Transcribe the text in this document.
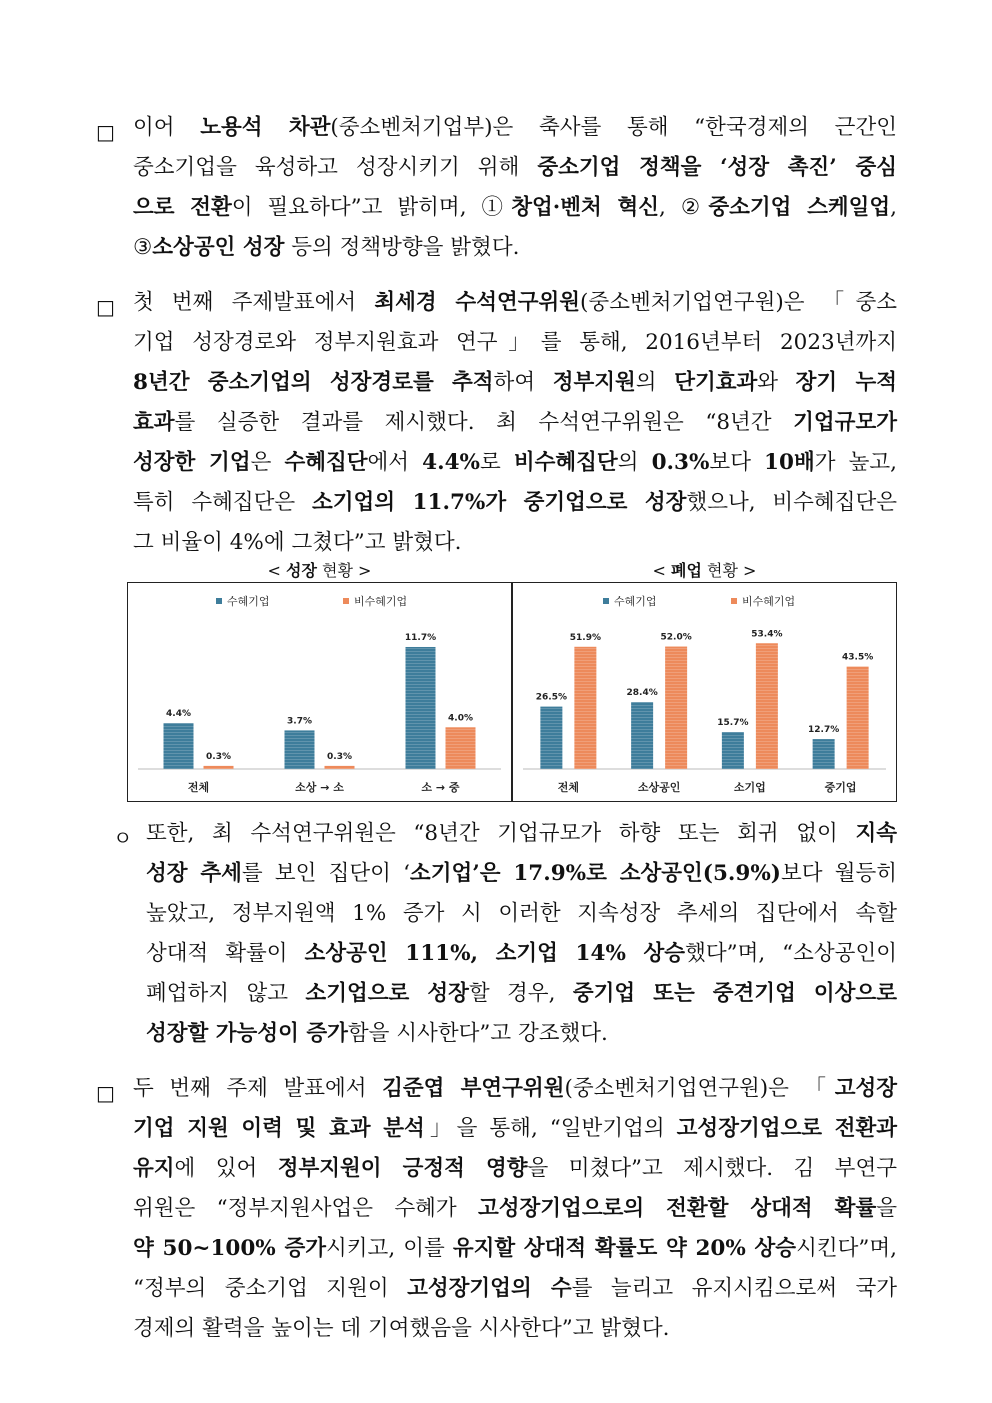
□ 이어 노용석 차관(중소벤처기업부)은 축사를 통해 “한국경제의 근간인
중소기업을 육성하고 성장시키기 위해 중소기업 정책을 ‘성장 촉진’ 중심
으로 전환이 필요하다”고 밝히며, ①창업·벤처 혁신, ②중소기업 스케일업,
③소상공인 성장 등의 정책방향을 밝혔다.
□ 첫 번째 주제발표에서 최세경 수석연구위원(중소벤처기업연구원)은 「중소
기업 성장경로와 정부지원효과 연구」를 통해, 2016년부터 2023년까지
8년간 중소기업의 성장경로를 추적하여 정부지원의 단기효과와 장기 누적
효과를 실증한 결과를 제시했다. 최 수석연구위원은 “8년간 기업규모가
성장한 기업은 수혜집단에서 4.4%로 비수혜집단의 0.3%보다 10배가 높고,
특히 수혜집단은 소기업의 11.7%가 중기업으로 성장했으나, 비수혜집단은
그 비율이 4%에 그쳤다”고 밝혔다.
< 성장 현황 >	< 폐업 현황 >
수혜기업	비수혜기업
4.4%
0.3%
전체
3.7%
0.3%
소상 → 소
11.7%
4.0%
소 → 중
수혜기업	비수혜기업
26.5%
51.9%
전체
28.4%
52.0%
소상공인
15.7%
53.4%
소기업
12.7%
43.5%
중기업
ㅇ 또한, 최 수석연구위원은 “8년간 기업규모가 하향 또는 회귀 없이 지속
성장 추세를 보인 집단이 ‘소기업’은 17.9%로 소상공인(5.9%)보다 월등히
높았고, 정부지원액 1% 증가 시 이러한 지속성장 추세의 집단에서 속할
상대적 확률이 소상공인 111%, 소기업 14% 상승했다”며, “소상공인이
폐업하지 않고 소기업으로 성장할 경우, 중기업 또는 중견기업 이상으로
성장할 가능성이 증가함을 시사한다”고 강조했다.
□ 두 번째 주제 발표에서 김준엽 부연구위원(중소벤처기업연구원)은 「고성장
기업 지원 이력 및 효과 분석」을 통해, “일반기업의 고성장기업으로 전환과
유지에 있어 정부지원이 긍정적 영향을 미쳤다”고 제시했다. 김 부연구
위원은 “정부지원사업은 수혜가 고성장기업으로의 전환할 상대적 확률을
약 50~100% 증가시키고, 이를 유지할 상대적 확률도 약 20% 상승시킨다”며,
“정부의 중소기업 지원이 고성장기업의 수를 늘리고 유지시킴으로써 국가
경제의 활력을 높이는 데 기여했음을 시사한다”고 밝혔다.
